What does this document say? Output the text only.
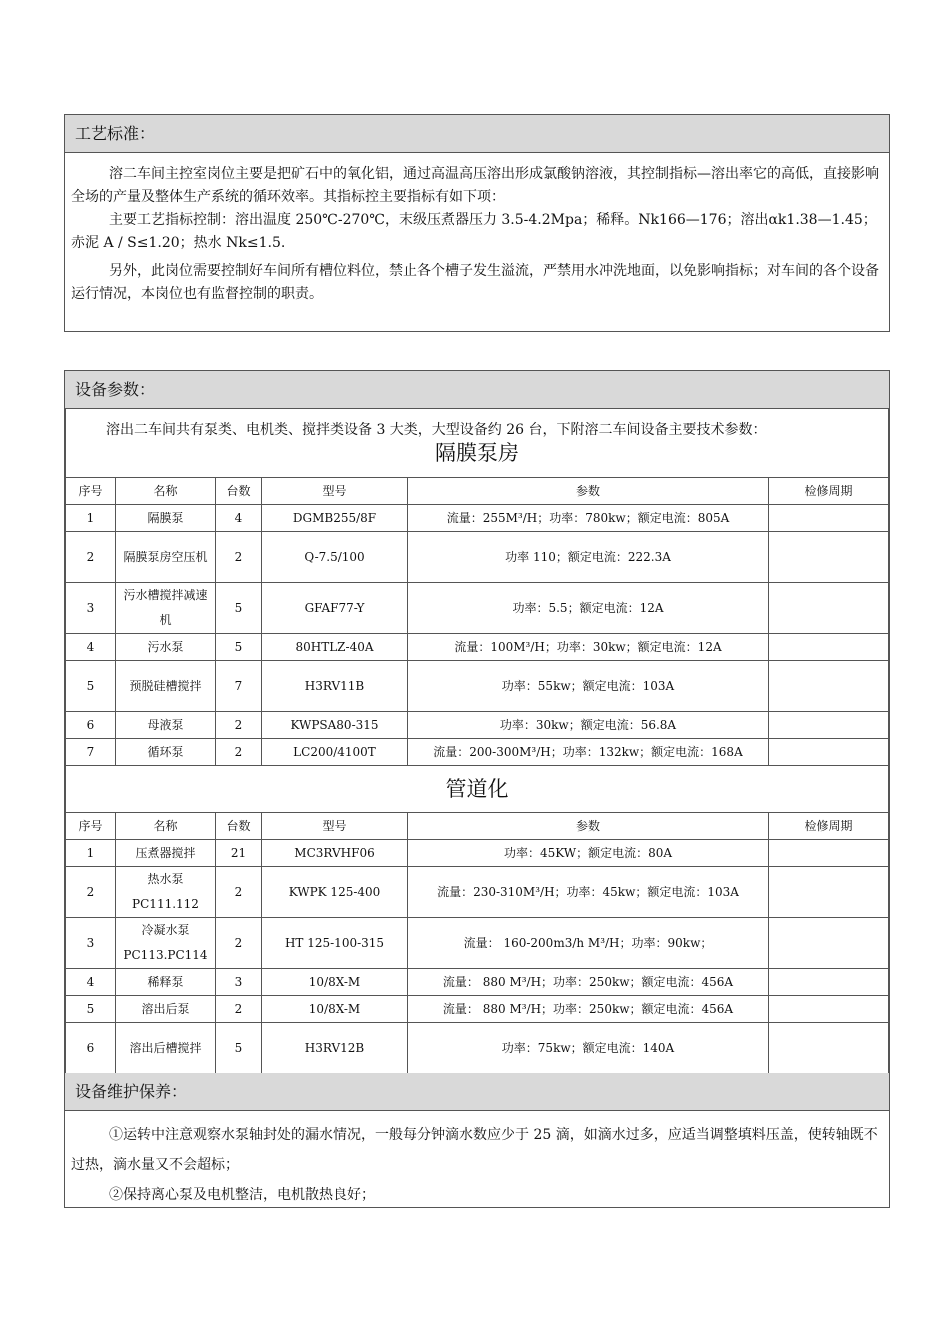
工艺标准：

溶二车间主控室岗位主要是把矿石中的氧化铝，通过高温高压溶出形成氯酸钠溶液，其控制指标—溶出率它的高低，直接影响全场的产量及整体生产系统的循环效率。其指标控主要指标有如下项：

主要工艺指标控制：溶出温度 250℃-270℃，末级压煮器压力 3.5-4.2Mpa；稀释。Nk166—176；溶出αk1.38—1.45；赤泥 A / S≤1.20；热水 Nk≤1.5.

另外，此岗位需要控制好车间所有槽位料位，禁止各个槽子发生溢流，严禁用水冲洗地面，以免影响指标；对车间的各个设备运行情况，本岗位也有监督控制的职责。

设备参数：
溶出二车间共有泵类、电机类、搅拌类设备 3 大类，大型设备约 26 台，下附溶二车间设备主要技术参数：					
隔膜泵房					
序号	名称	台数	型号	参数	检修周期
1	隔膜泵	4	DGMB255/8F	流量：255M³/H；功率：780kw；额定电流：805A	
2	隔膜泵房空压机	2	Q-7.5/100	功率 110；额定电流：222.3A	
3	污水槽搅拌减速机	5	GFAF77-Y	功率：5.5；额定电流：12A	
4	污水泵	5	80HTLZ-40A	流量：100M³/H；功率：30kw；额定电流：12A	
5	预脱硅槽搅拌	7	H3RV11B	功率：55kw；额定电流：103A	
6	母液泵	2	KWPSA80-315	功率：30kw；额定电流：56.8A	
7	循环泵	2	LC200/4100T	流量：200-300M³/H；功率：132kw；额定电流：168A	
管道化					
序号	名称	台数	型号	参数	检修周期
1	压煮器搅拌	21	MC3RVHF06	功率：45KW；额定电流：80A	
2	热水泵 PC111.112	2	KWPK 125-400	流量：230-310M³/H；功率：45kw；额定电流：103A	
3	冷凝水泵 PC113.PC114	2	HT 125-100-315	流量： 160-200m3/h M³/H；功率：90kw；	
4	稀释泵	3	10/8X-M	流量： 880 M³/H；功率：250kw；额定电流：456A	
5	溶出后泵	2	10/8X-M	流量： 880 M³/H；功率：250kw；额定电流：456A	
6	溶出后槽搅拌	5	H3RV12B	功率：75kw；额定电流：140A	
设备维护保养：

①运转中注意观察水泵轴封处的漏水情况，一般每分钟滴水数应少于 25 滴，如滴水过多，应适当调整填料压盖，使转轴既不过热，滴水量又不会超标；

②保持离心泵及电机整洁，电机散热良好；
